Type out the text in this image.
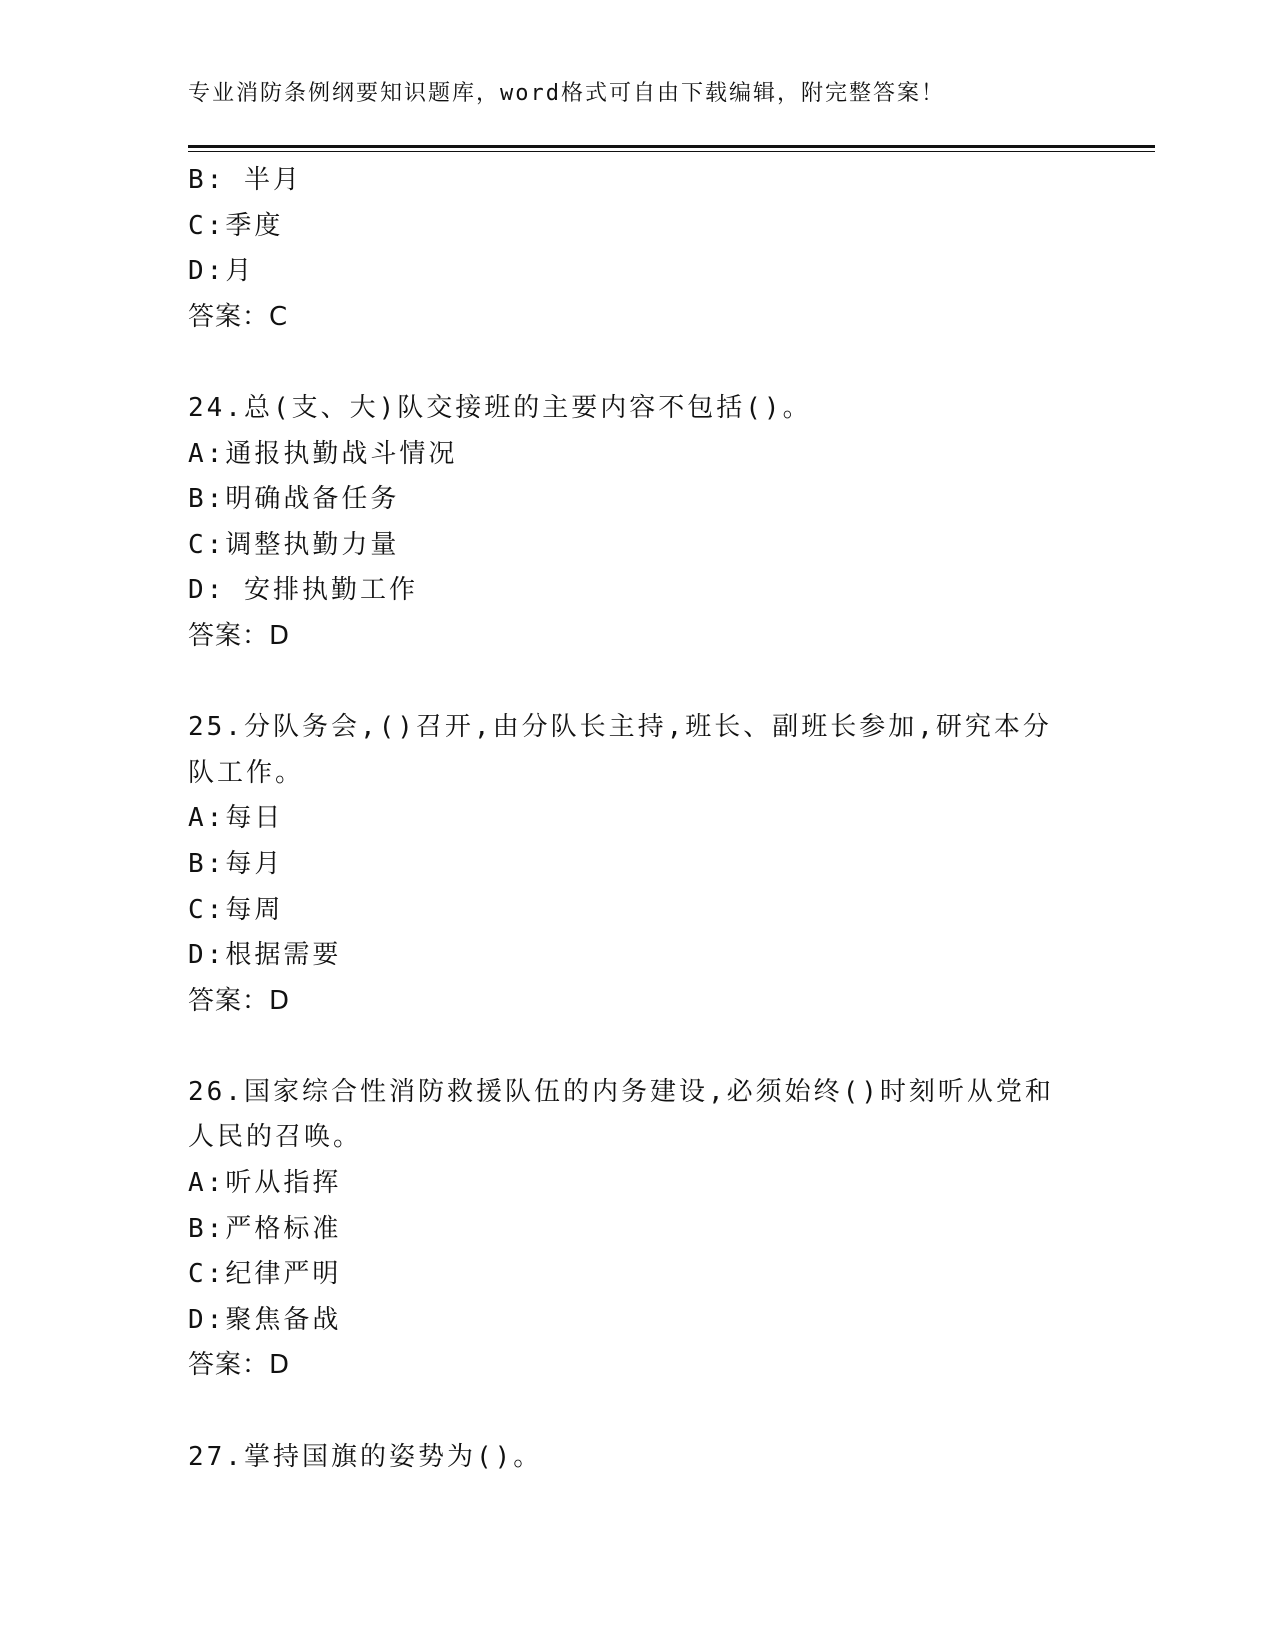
专业消防条例纲要知识题库，word格式可自由下载编辑，附完整答案！
B: 半月
C:季度
D:月
答案：C
24.总(支、大)队交接班的主要内容不包括()。
A:通报执勤战斗情况
B:明确战备任务
C:调整执勤力量
D: 安排执勤工作
答案：D
25.分队务会,()召开,由分队长主持,班长、副班长参加,研究本分队工作。
A:每日
B:每月
C:每周
D:根据需要
答案：D
26.国家综合性消防救援队伍的内务建设,必须始终()时刻听从党和人民的召唤。
A:听从指挥
B:严格标准
C:纪律严明
D:聚焦备战
答案：D
27.掌持国旗的姿势为()。
